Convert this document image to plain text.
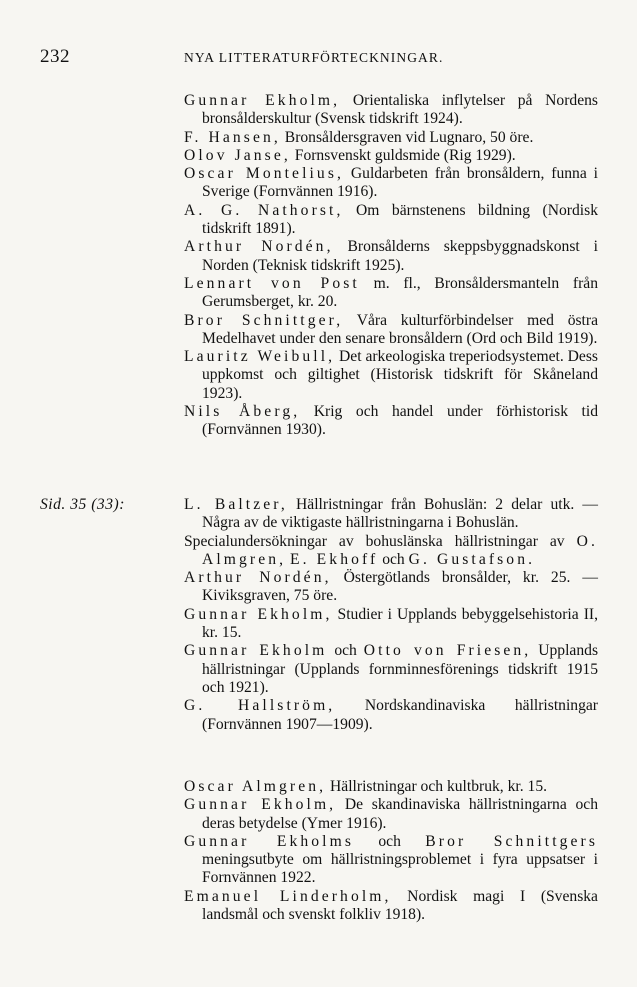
232	NYA LITTERATURFÖRTECKNINGAR.

Gunnar Ekholm, Orientaliska inflytelser på Nordens bronsålderskultur (Svensk tidskrift 1924).

F. Hansen, Bronsåldersgraven vid Lugnaro, 50 öre.

Olov Janse, Fornsvenskt guldsmide (Rig 1929).

Oscar Montelius, Guldarbeten från bronsåldern, funna i Sverige (Fornvännen 1916).

A. G. Nathorst, Om bärnstenens bildning (Nordisk tidskrift 1891).

Arthur Nordén, Bronsålderns skeppsbyggnadskonst i Norden (Teknisk tidskrift 1925).

Lennart von Post m. fl., Bronsåldersmanteln från Gerumsberget, kr. 20.

Bror Schnittger, Våra kulturförbindelser med östra Medelhavet under den senare bronsåldern (Ord och Bild 1919).

Lauritz Weibull, Det arkeologiska treperiodsystemet. Dess uppkomst och giltighet (Historisk tidskrift för Skåneland 1923).

Nils Åberg, Krig och handel under förhistorisk tid (Fornvännen 1930).

Sid. 35 (33):	L. Baltzer, Hällristningar från Bohuslän: 2 delar utk. — Några av de viktigaste hällristningarna i Bohuslän.

Specialundersökningar av bohuslänska hällristningar av O. Almgren, E. Ekhoff och G. Gustafson.

Arthur Nordén, Östergötlands bronsålder, kr. 25. — Kiviksgraven, 75 öre.

Gunnar Ekholm, Studier i Upplands bebyggelsehistoria II, kr. 15.

Gunnar Ekholm och Otto von Friesen, Upplands hällristningar (Upplands fornminnesförenings tidskrift 1915 och 1921).

G. Hallström, Nordskandinaviska hällristningar (Fornvännen 1907—1909).

Oscar Almgren, Hällristningar och kultbruk, kr. 15.

Gunnar Ekholm, De skandinaviska hällristningarna och deras betydelse (Ymer 1916).

Gunnar Ekholms och Bror Schnittgers meningsutbyte om hällristningsproblemet i fyra uppsatser i Fornvännen 1922.

Emanuel Linderholm, Nordisk magi I (Svenska landsmål och svenskt folkliv 1918).
